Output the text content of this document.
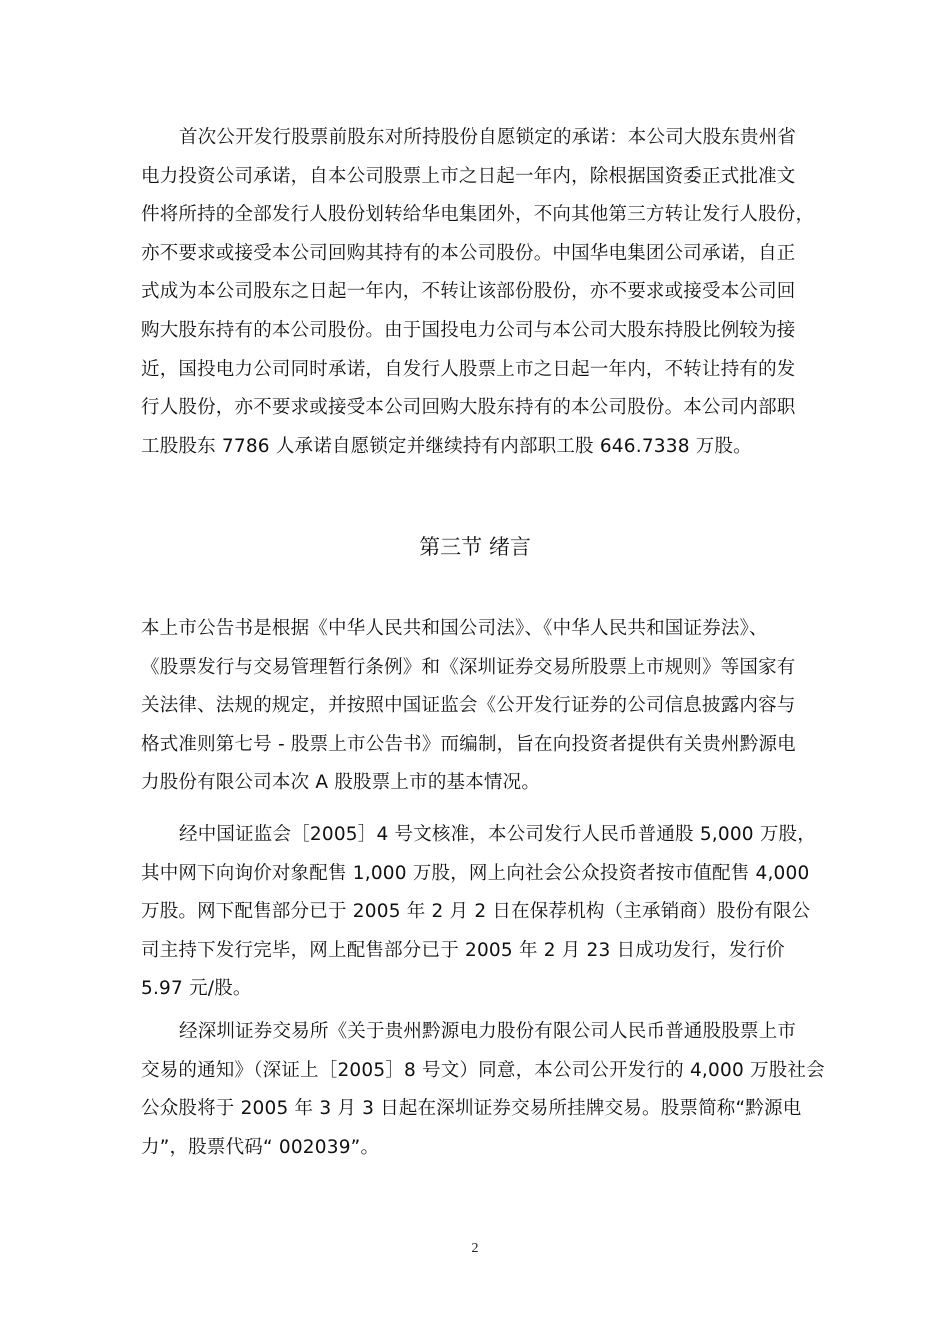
首次公开发行股票前股东对所持股份自愿锁定的承诺：本公司大股东贵州省
电力投资公司承诺，自本公司股票上市之日起一年内，除根据国资委正式批准文
件将所持的全部发行人股份划转给华电集团外，不向其他第三方转让发行人股份，
亦不要求或接受本公司回购其持有的本公司股份。中国华电集团公司承诺，自正
式成为本公司股东之日起一年内，不转让该部份股份，亦不要求或接受本公司回
购大股东持有的本公司股份。由于国投电力公司与本公司大股东持股比例较为接
近，国投电力公司同时承诺，自发行人股票上市之日起一年内，不转让持有的发
行人股份，亦不要求或接受本公司回购大股东持有的本公司股份。本公司内部职
工股股东 7786 人承诺自愿锁定并继续持有内部职工股 646.7338 万股。
第三节 绪言
本上市公告书是根据《中华人民共和国公司法》、《中华人民共和国证券法》、
《股票发行与交易管理暂行条例》和《深圳证券交易所股票上市规则》等国家有
关法律、法规的规定，并按照中国证监会《公开发行证券的公司信息披露内容与
格式准则第七号 - 股票上市公告书》而编制，旨在向投资者提供有关贵州黔源电
力股份有限公司本次 A 股股票上市的基本情况。
经中国证监会［2005］4 号文核准，本公司发行人民币普通股 5,000 万股，
其中网下向询价对象配售 1,000 万股，网上向社会公众投资者按市值配售 4,000
万股。网下配售部分已于 2005 年 2 月 2 日在保荐机构（主承销商）股份有限公
司主持下发行完毕，网上配售部分已于 2005 年 2 月 23 日成功发行，发行价
5.97 元/股。
经深圳证券交易所《关于贵州黔源电力股份有限公司人民币普通股股票上市
交易的通知》（深证上［2005］8 号文）同意，本公司公开发行的 4,000 万股社会
公众股将于 2005 年 3 月 3 日起在深圳证券交易所挂牌交易。股票简称“黔源电
力”，股票代码“ 002039”。
2
